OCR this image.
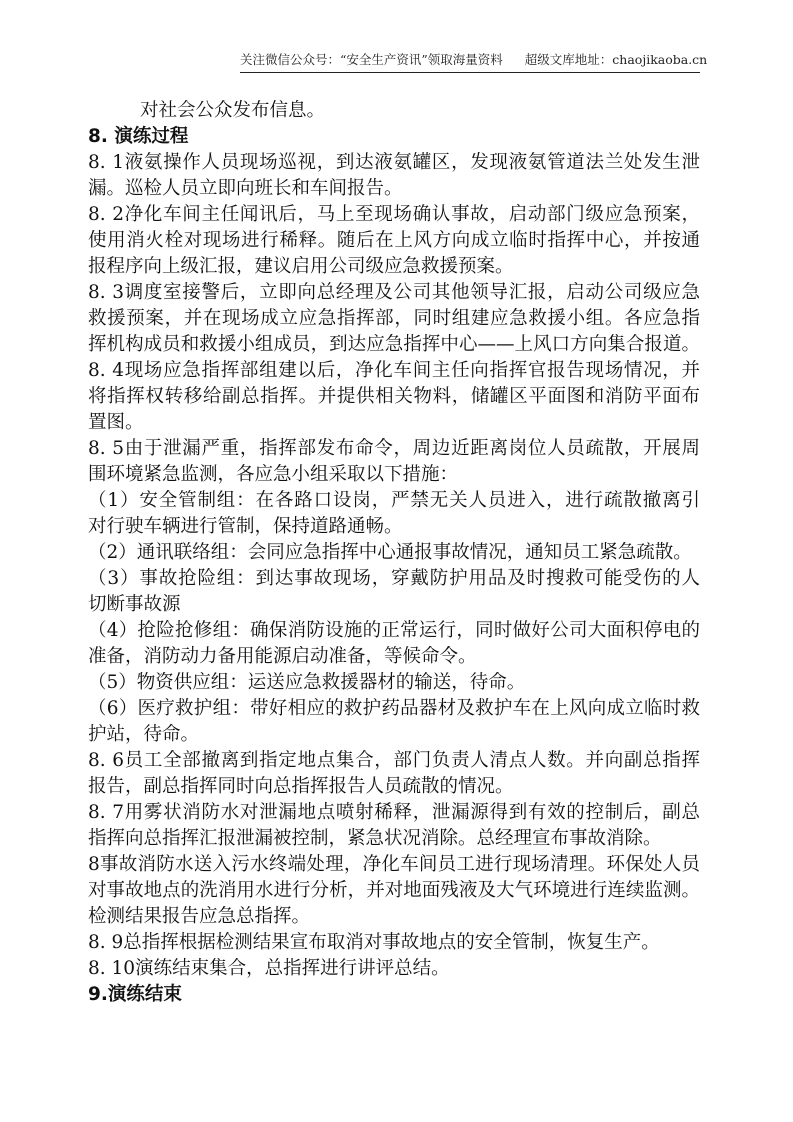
关注微信公众号：“安全生产资讯”领取海量资料 超级文库地址：chaojikaoba.cn
对社会公众发布信息。
8. 演练过程
8. 1液氨操作人员现场巡视，到达液氨罐区，发现液氨管道法兰处发生泄
漏。巡检人员立即向班长和车间报告。
8. 2净化车间主任闻讯后，马上至现场确认事故，启动部门级应急预案，
使用消火栓对现场进行稀释。随后在上风方向成立临时指挥中心，并按通
报程序向上级汇报，建议启用公司级应急救援预案。
8. 3调度室接警后，立即向总经理及公司其他领导汇报，启动公司级应急
救援预案，并在现场成立应急指挥部，同时组建应急救援小组。各应急指
挥机构成员和救援小组成员，到达应急指挥中心——上风口方向集合报道。
8. 4现场应急指挥部组建以后，净化车间主任向指挥官报告现场情况，并
将指挥权转移给副总指挥。并提供相关物料，储罐区平面图和消防平面布
置图。
8. 5由于泄漏严重，指挥部发布命令，周边近距离岗位人员疏散，开展周
围环境紧急监测，各应急小组采取以下措施：
（1）安全管制组：在各路口设岗，严禁无关人员进入，进行疏散撤离引
对行驶车辆进行管制，保持道路通畅。
（2）通讯联络组：会同应急指挥中心通报事故情况，通知员工紧急疏散。
（3）事故抢险组：到达事故现场，穿戴防护用品及时搜救可能受伤的人
切断事故源
（4）抢险抢修组：确保消防设施的正常运行，同时做好公司大面积停电的
准备，消防动力备用能源启动准备，等候命令。
（5）物资供应组：运送应急救援器材的输送，待命。
（6）医疗救护组：带好相应的救护药品器材及救护车在上风向成立临时救
护站，待命。
8. 6员工全部撤离到指定地点集合，部门负责人清点人数。并向副总指挥
报告，副总指挥同时向总指挥报告人员疏散的情况。
8. 7用雾状消防水对泄漏地点喷射稀释，泄漏源得到有效的控制后，副总
指挥向总指挥汇报泄漏被控制，紧急状况消除。总经理宣布事故消除。
8事故消防水送入污水终端处理，净化车间员工进行现场清理。环保处人员
对事故地点的洗消用水进行分析，并对地面残液及大气环境进行连续监测。
检测结果报告应急总指挥。
8. 9总指挥根据检测结果宣布取消对事故地点的安全管制，恢复生产。
8. 10演练结束集合，总指挥进行讲评总结。
9.演练结束
